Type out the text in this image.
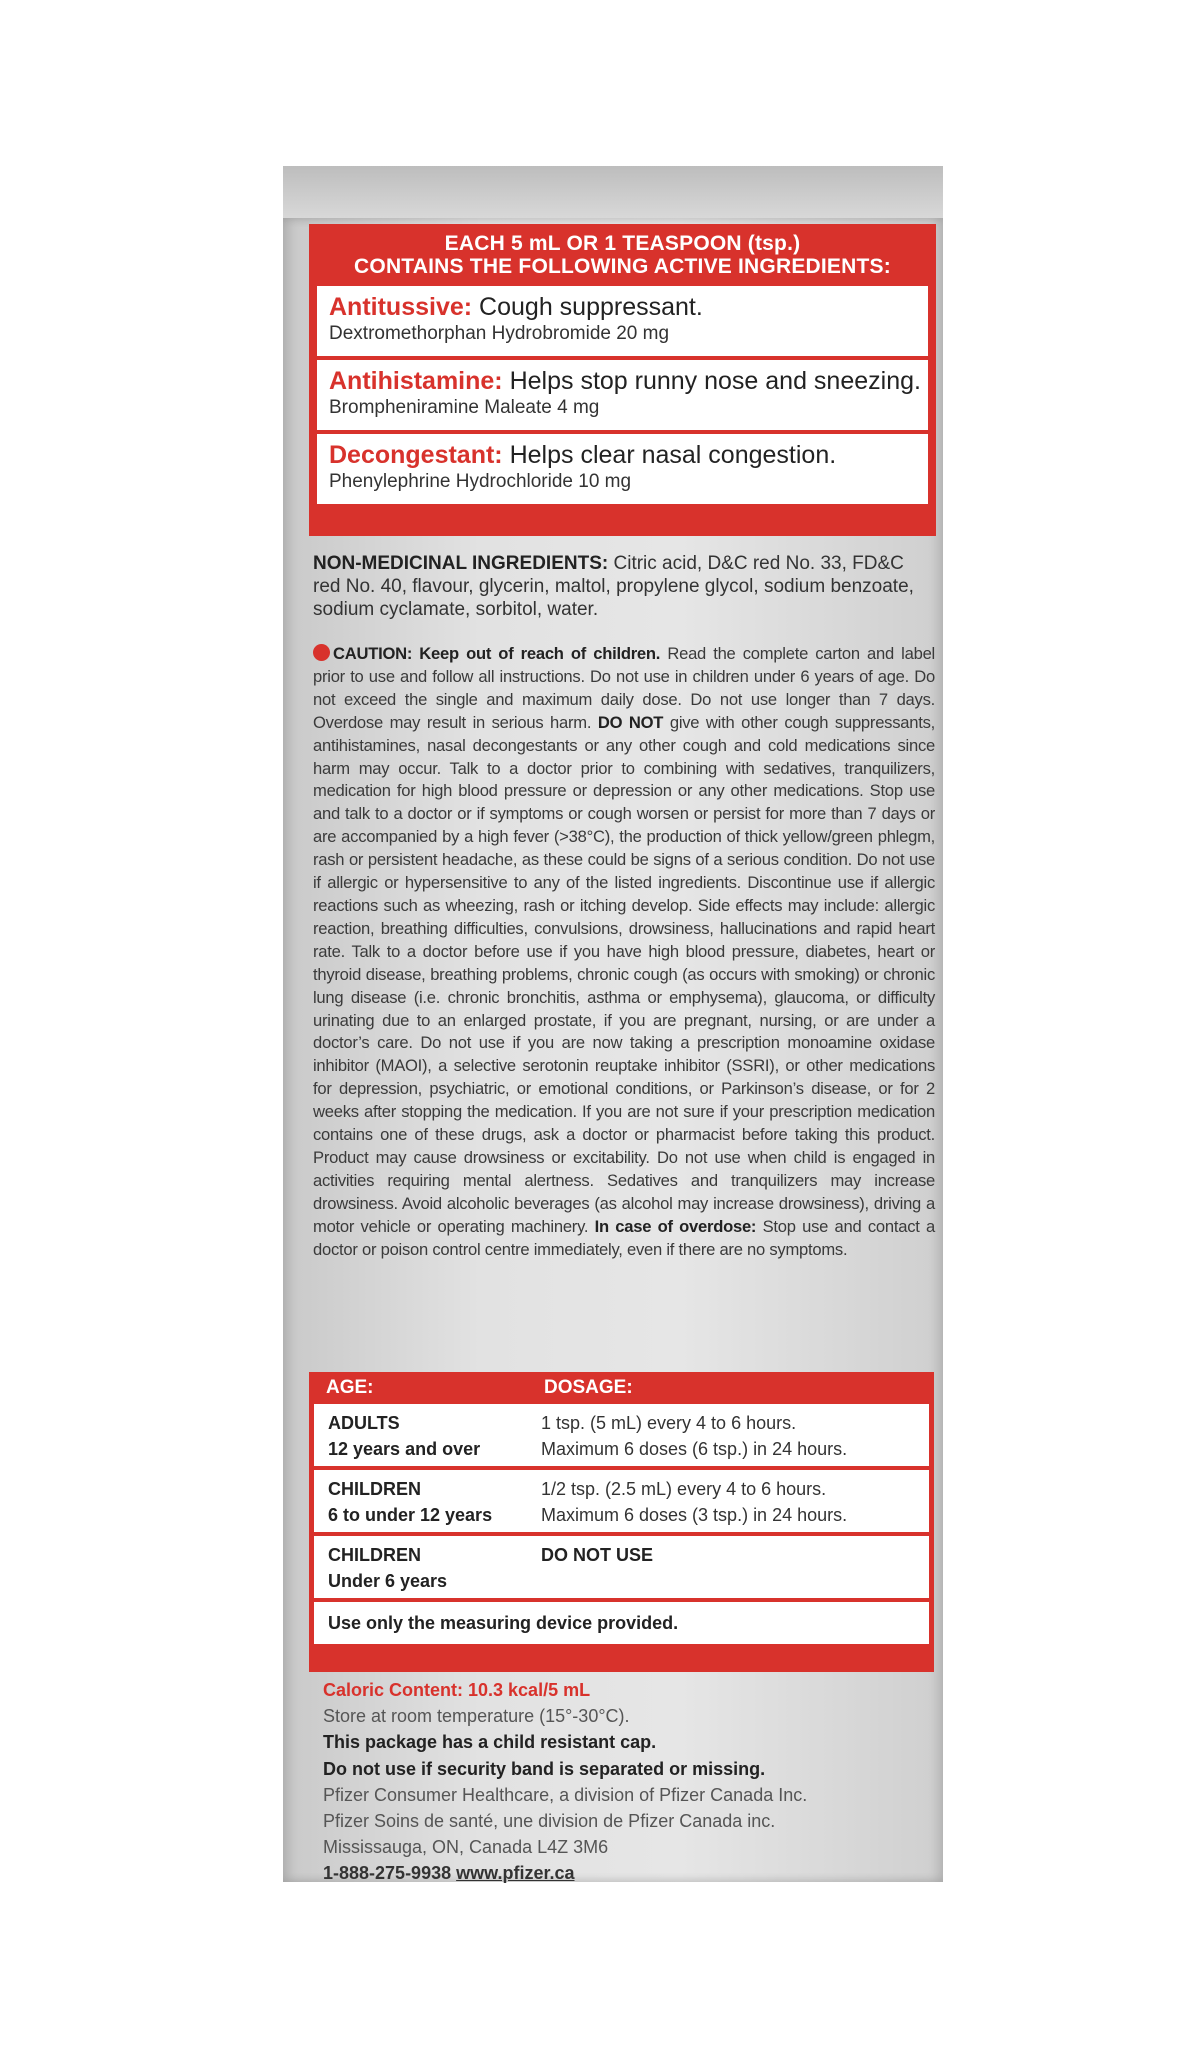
EACH 5 mL OR 1 TEASPOON (tsp.)
CONTAINS THE FOLLOWING ACTIVE INGREDIENTS:
Antitussive: Cough suppressant.
Dextromethorphan Hydrobromide 20 mg
Antihistamine: Helps stop runny nose and sneezing.
Brompheniramine Maleate 4 mg
Decongestant: Helps clear nasal congestion.
Phenylephrine Hydrochloride 10 mg
NON-MEDICINAL INGREDIENTS: Citric acid, D&C red No. 33, FD&C red No. 40, flavour, glycerin, maltol, propylene glycol, sodium benzoate, sodium cyclamate, sorbitol, water.
CAUTION: Keep out of reach of children. Read the complete carton and label prior to use and follow all instructions. Do not use in children under 6 years of age. Do not exceed the single and maximum daily dose. Do not use longer than 7 days. Overdose may result in serious harm. DO NOT give with other cough suppressants, antihistamines, nasal decongestants or any other cough and cold medications since harm may occur. Talk to a doctor prior to combining with sedatives, tranquilizers, medication for high blood pressure or depression or any other medications. Stop use and talk to a doctor or if symptoms or cough worsen or persist for more than 7 days or are accompanied by a high fever (>38°C), the production of thick yellow/green phlegm, rash or persistent headache, as these could be signs of a serious condition. Do not use if allergic or hypersensitive to any of the listed ingredients. Discontinue use if allergic reactions such as wheezing, rash or itching develop. Side effects may include: allergic reaction, breathing difficulties, convulsions, drowsiness, hallucinations and rapid heart rate. Talk to a doctor before use if you have high blood pressure, diabetes, heart or thyroid disease, breathing problems, chronic cough (as occurs with smoking) or chronic lung disease (i.e. chronic bronchitis, asthma or emphysema), glaucoma, or difficulty urinating due to an enlarged prostate, if you are pregnant, nursing, or are under a doctor’s care. Do not use if you are now taking a prescription monoamine oxidase inhibitor (MAOI), a selective serotonin reuptake inhibitor (SSRI), or other medications for depression, psychiatric, or emotional conditions, or Parkinson’s disease, or for 2 weeks after stopping the medication. If you are not sure if your prescription medication contains one of these drugs, ask a doctor or pharmacist before taking this product. Product may cause drowsiness or excitability. Do not use when child is engaged in activities requiring mental alertness. Sedatives and tranquilizers may increase drowsiness. Avoid alcoholic beverages (as alcohol may increase drowsiness), driving a motor vehicle or operating machinery. In case of overdose: Stop use and contact a doctor or poison control centre immediately, even if there are no symptoms.
AGE:	DOSAGE:
ADULTS
12 years and over
1 tsp. (5 mL) every 4 to 6 hours.
Maximum 6 doses (6 tsp.) in 24 hours.
CHILDREN
6 to under 12 years
1/2 tsp. (2.5 mL) every 4 to 6 hours.
Maximum 6 doses (3 tsp.) in 24 hours.
CHILDREN
Under 6 years
DO NOT USE
Use only the measuring device provided.
Caloric Content: 10.3 kcal/5 mL
Store at room temperature (15°-30°C).
This package has a child resistant cap.
Do not use if security band is separated or missing.
Pfizer Consumer Healthcare, a division of Pfizer Canada Inc.
Pfizer Soins de santé, une division de Pfizer Canada inc.
Mississauga, ON, Canada L4Z 3M6
1-888-275-9938 www.pfizer.ca
